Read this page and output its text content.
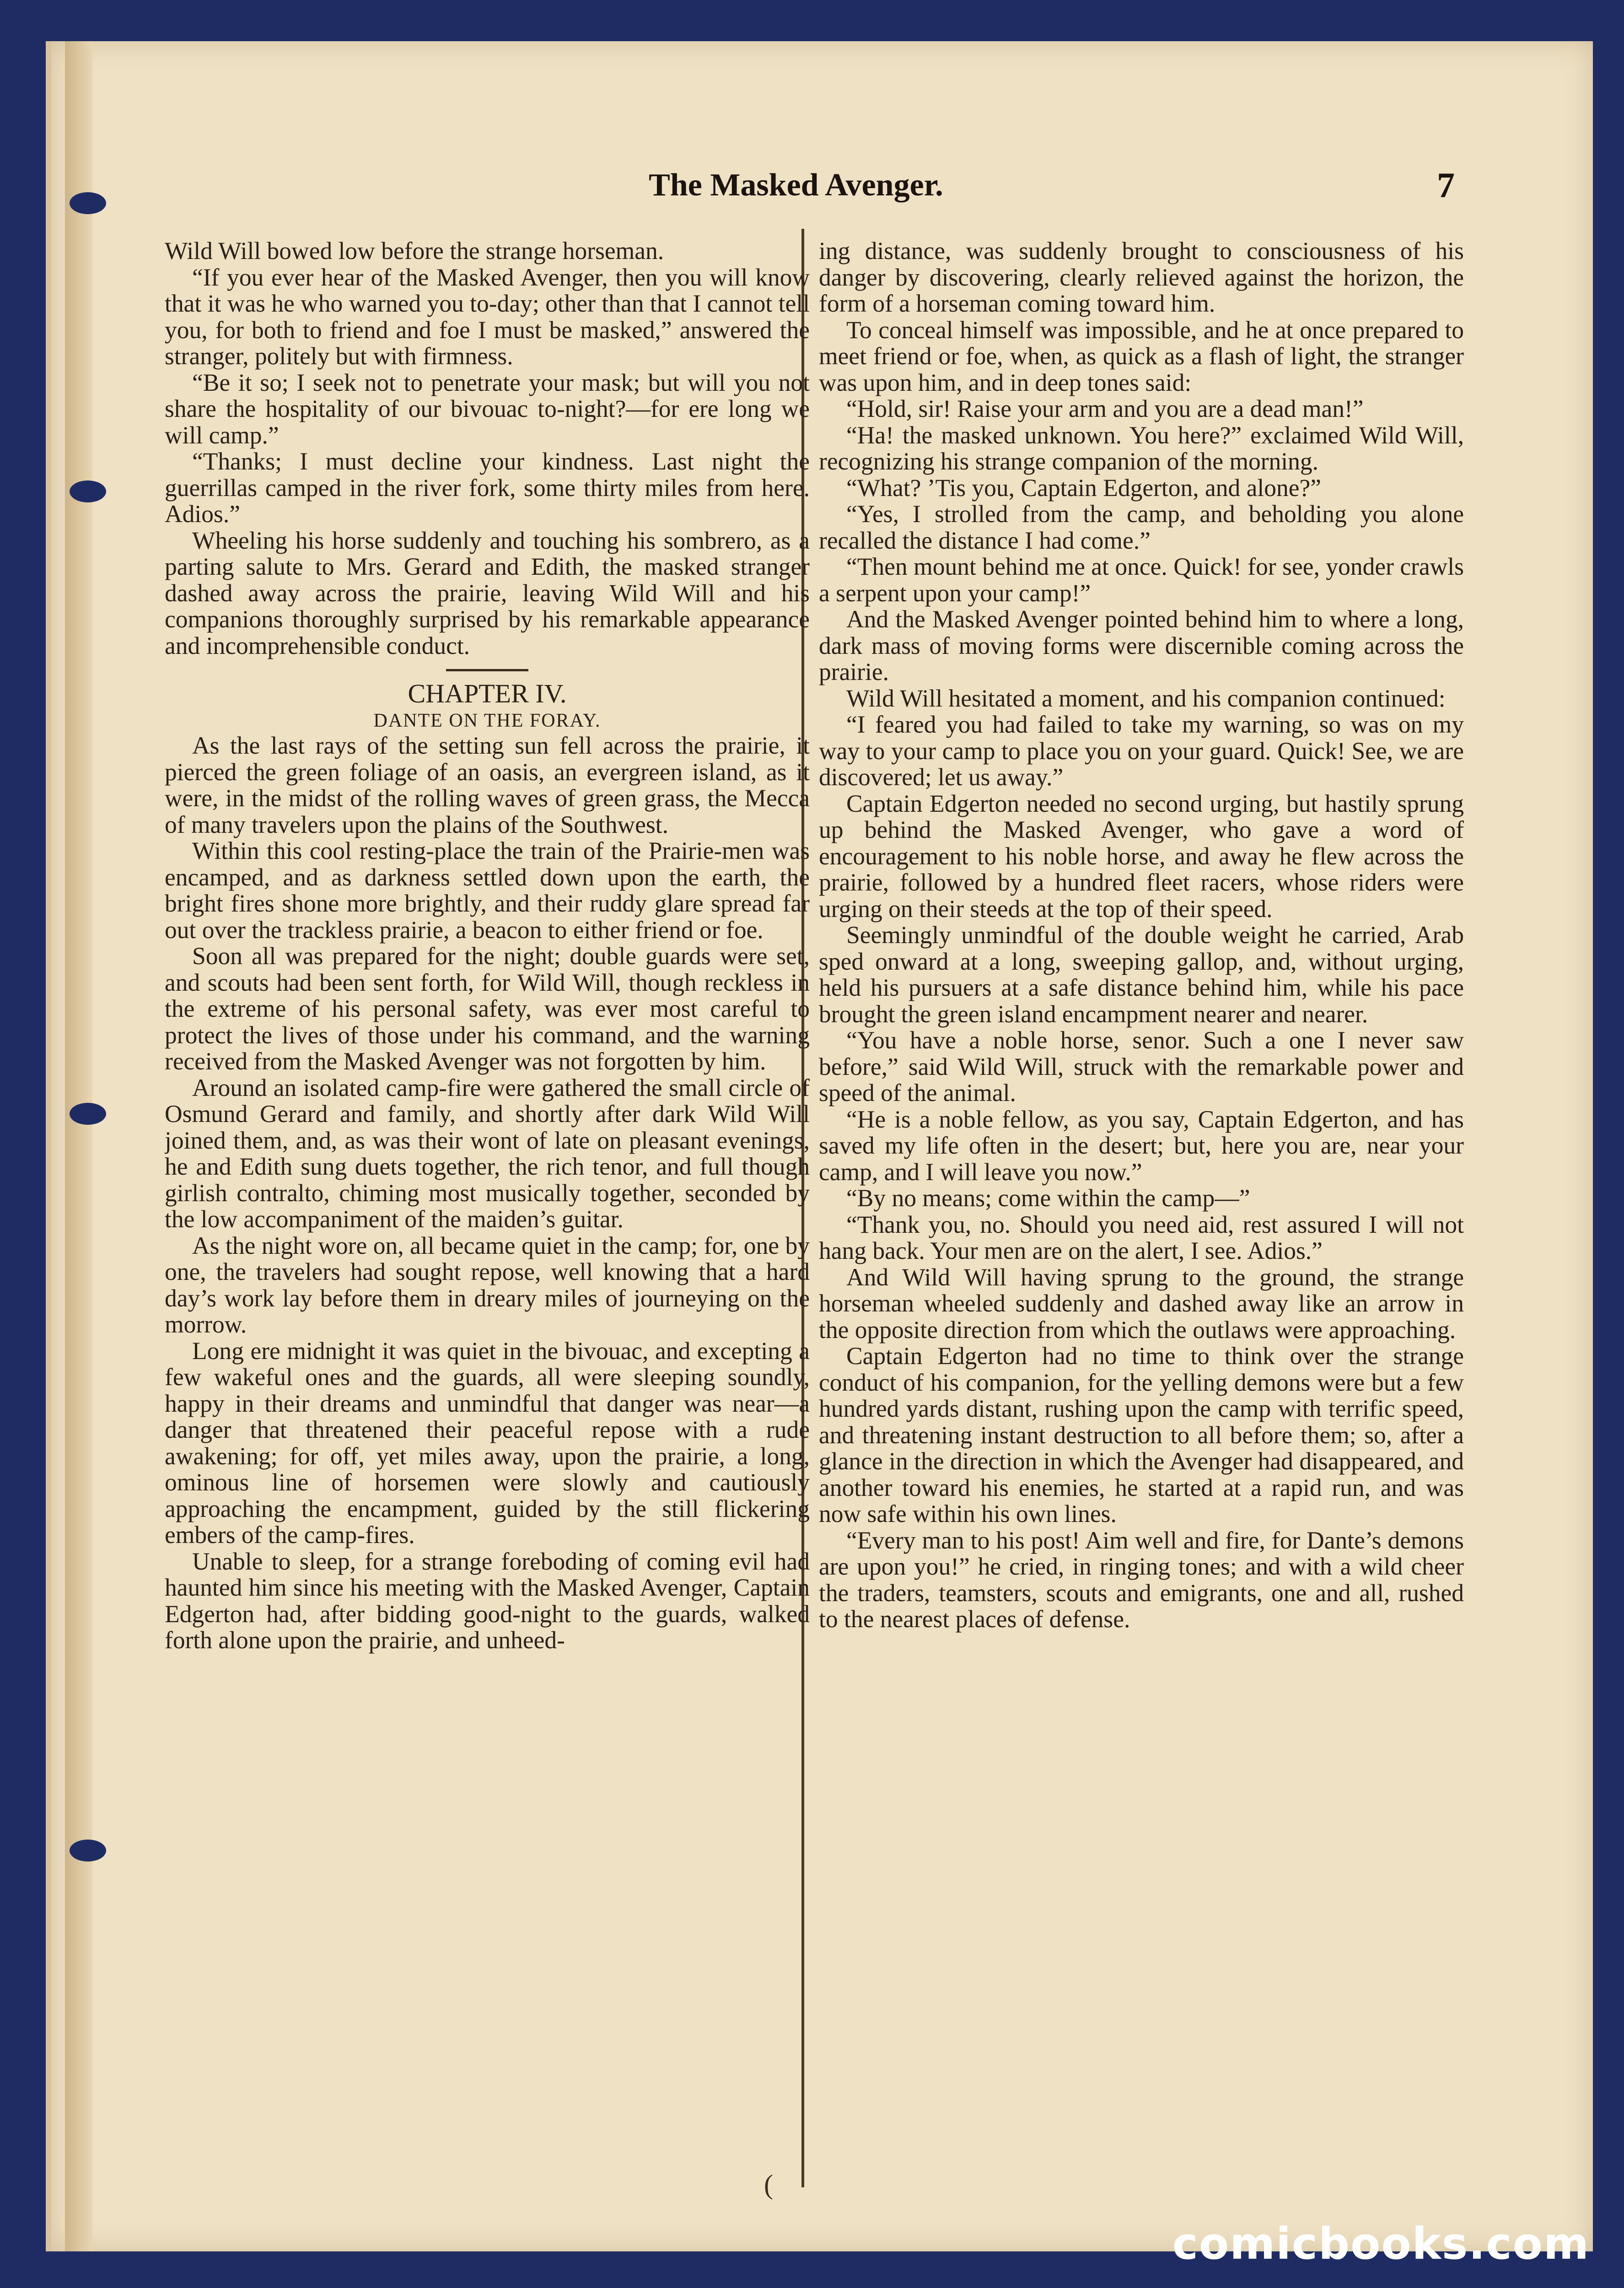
The Masked Avenger.	7

Wild Will bowed low before the strange horseman.

“If you ever hear of the Masked Avenger, then you will know that it was he who warned you to-day; other than that I cannot tell you, for both to friend and foe I must be masked,” answered the stranger, politely but with firmness.

“Be it so; I seek not to penetrate your mask; but will you not share the hospitality of our bivouac to-night?—for ere long we will camp.”

“Thanks; I must decline your kindness. Last night the guerrillas camped in the river fork, some thirty miles from here. Adios.”

Wheeling his horse suddenly and touching his sombrero, as a parting salute to Mrs. Gerard and Edith, the masked stranger dashed away across the prairie, leaving Wild Will and his companions thoroughly surprised by his remarkable appearance and incomprehensible conduct.

CHAPTER IV.
DANTE ON THE FORAY.

As the last rays of the setting sun fell across the prairie, it pierced the green foliage of an oasis, an evergreen island, as it were, in the midst of the rolling waves of green grass, the Mecca of many travelers upon the plains of the Southwest.

Within this cool resting-place the train of the Prairie-men was encamped, and as darkness settled down upon the earth, the bright fires shone more brightly, and their ruddy glare spread far out over the trackless prairie, a beacon to either friend or foe.

Soon all was prepared for the night; double guards were set, and scouts had been sent forth, for Wild Will, though reckless in the extreme of his personal safety, was ever most careful to protect the lives of those under his command, and the warning received from the Masked Avenger was not forgotten by him.

Around an isolated camp-fire were gathered the small circle of Osmund Gerard and family, and shortly after dark Wild Will joined them, and, as was their wont of late on pleasant evenings, he and Edith sung duets together, the rich tenor, and full though girlish contralto, chiming most musically together, seconded by the low accompaniment of the maiden’s guitar.

As the night wore on, all became quiet in the camp; for, one by one, the travelers had sought repose, well knowing that a hard day’s work lay before them in dreary miles of journeying on the morrow.

Long ere midnight it was quiet in the bivouac, and excepting a few wakeful ones and the guards, all were sleeping soundly, happy in their dreams and unmindful that danger was near—a danger that threatened their peaceful repose with a rude awakening; for off, yet miles away, upon the prairie, a long, ominous line of horsemen were slowly and cautiously approaching the encampment, guided by the still flickering embers of the camp-fires.

Unable to sleep, for a strange foreboding of coming evil had haunted him since his meeting with the Masked Avenger, Captain Edgerton had, after bidding good-night to the guards, walked forth alone upon the prairie, and unheed-

ing distance, was suddenly brought to consciousness of his danger by discovering, clearly relieved against the horizon, the form of a horseman coming toward him.

To conceal himself was impossible, and he at once prepared to meet friend or foe, when, as quick as a flash of light, the stranger was upon him, and in deep tones said:

“Hold, sir! Raise your arm and you are a dead man!”

“Ha! the masked unknown. You here?” exclaimed Wild Will, recognizing his strange companion of the morning.

“What? ’Tis you, Captain Edgerton, and alone?”

“Yes, I strolled from the camp, and beholding you alone recalled the distance I had come.”

“Then mount behind me at once. Quick! for see, yonder crawls a serpent upon your camp!”

And the Masked Avenger pointed behind him to where a long, dark mass of moving forms were discernible coming across the prairie.

Wild Will hesitated a moment, and his companion continued:

“I feared you had failed to take my warning, so was on my way to your camp to place you on your guard. Quick! See, we are discovered; let us away.”

Captain Edgerton needed no second urging, but hastily sprung up behind the Masked Avenger, who gave a word of encouragement to his noble horse, and away he flew across the prairie, followed by a hundred fleet racers, whose riders were urging on their steeds at the top of their speed.

Seemingly unmindful of the double weight he carried, Arab sped onward at a long, sweeping gallop, and, without urging, held his pursuers at a safe distance behind him, while his pace brought the green island encampment nearer and nearer.

“You have a noble horse, senor. Such a one I never saw before,” said Wild Will, struck with the remarkable power and speed of the animal.

“He is a noble fellow, as you say, Captain Edgerton, and has saved my life often in the desert; but, here you are, near your camp, and I will leave you now.”

“By no means; come within the camp—”

“Thank you, no. Should you need aid, rest assured I will not hang back. Your men are on the alert, I see. Adios.”

And Wild Will having sprung to the ground, the strange horseman wheeled suddenly and dashed away like an arrow in the opposite direction from which the outlaws were approaching.

Captain Edgerton had no time to think over the strange conduct of his companion, for the yelling demons were but a few hundred yards distant, rushing upon the camp with terrific speed, and threatening instant destruction to all before them; so, after a glance in the direction in which the Avenger had disappeared, and another toward his enemies, he started at a rapid run, and was now safe within his own lines.

“Every man to his post! Aim well and fire, for Dante’s demons are upon you!” he cried, in ringing tones; and with a wild cheer the traders, teamsters, scouts and emigrants, one and all, rushed to the nearest places of defense.

(
comicbooks.com
